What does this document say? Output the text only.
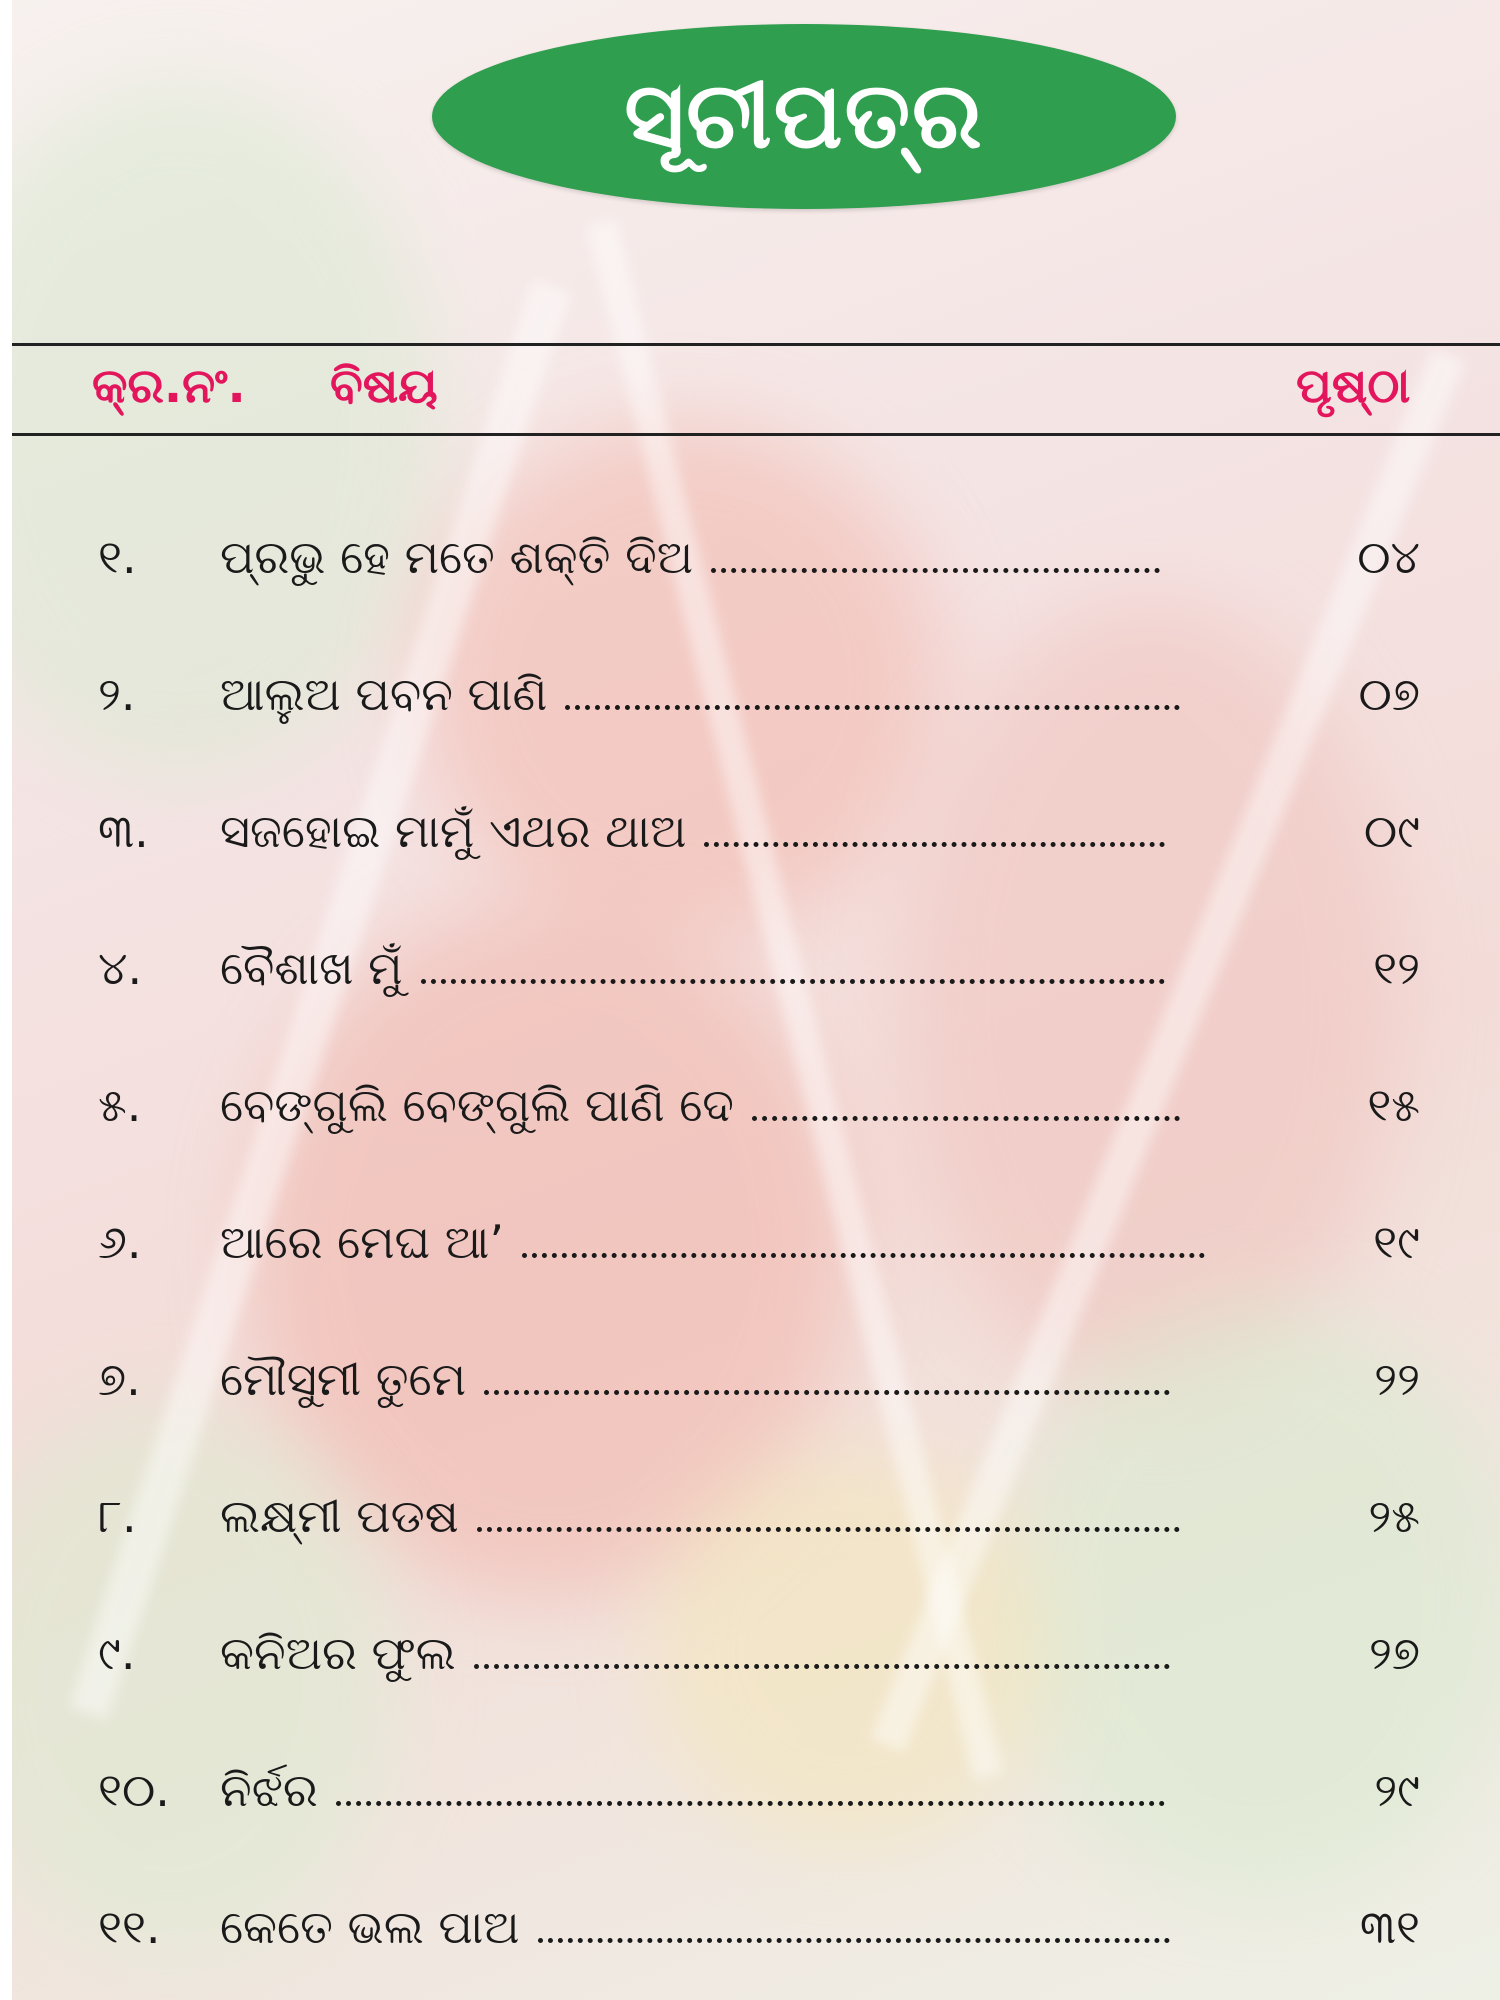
ସୂଚୀପତ୍ର
କ୍ର.ନଂ. ବିଷୟ	ପୃଷ୍ଠା
୧.	ପ୍ରଭୁ ହେ ମତେ ଶକ୍ତି ଦିଅ	୦୪
୨.	ଆଲୁଅ ପବନ ପାଣି	୦୭
୩.	ସଜହୋଇ ମାମୁଁ ଏଥର ଥାଅ	୦୯
୪.	ବୈଶାଖ ମୁଁ	୧୨
୫.	ବେଙ୍ଗୁଲି ବେଙ୍ଗୁଲି ପାଣି ଦେ	୧୫
୬.	ଆରେ ମେଘ ଆ’	୧୯
୭.	ମୌସୁମୀ ତୁମେ	୨୨
୮.	ଲକ୍ଷ୍ମୀ ପଡଷ	୨୫
୯.	କନିଅର ଫୁଲ	୨୭
୧୦.	ନିର୍ଝର	୨୯
୧୧.	କେତେ ଭଲ ପାଅ	୩୧
